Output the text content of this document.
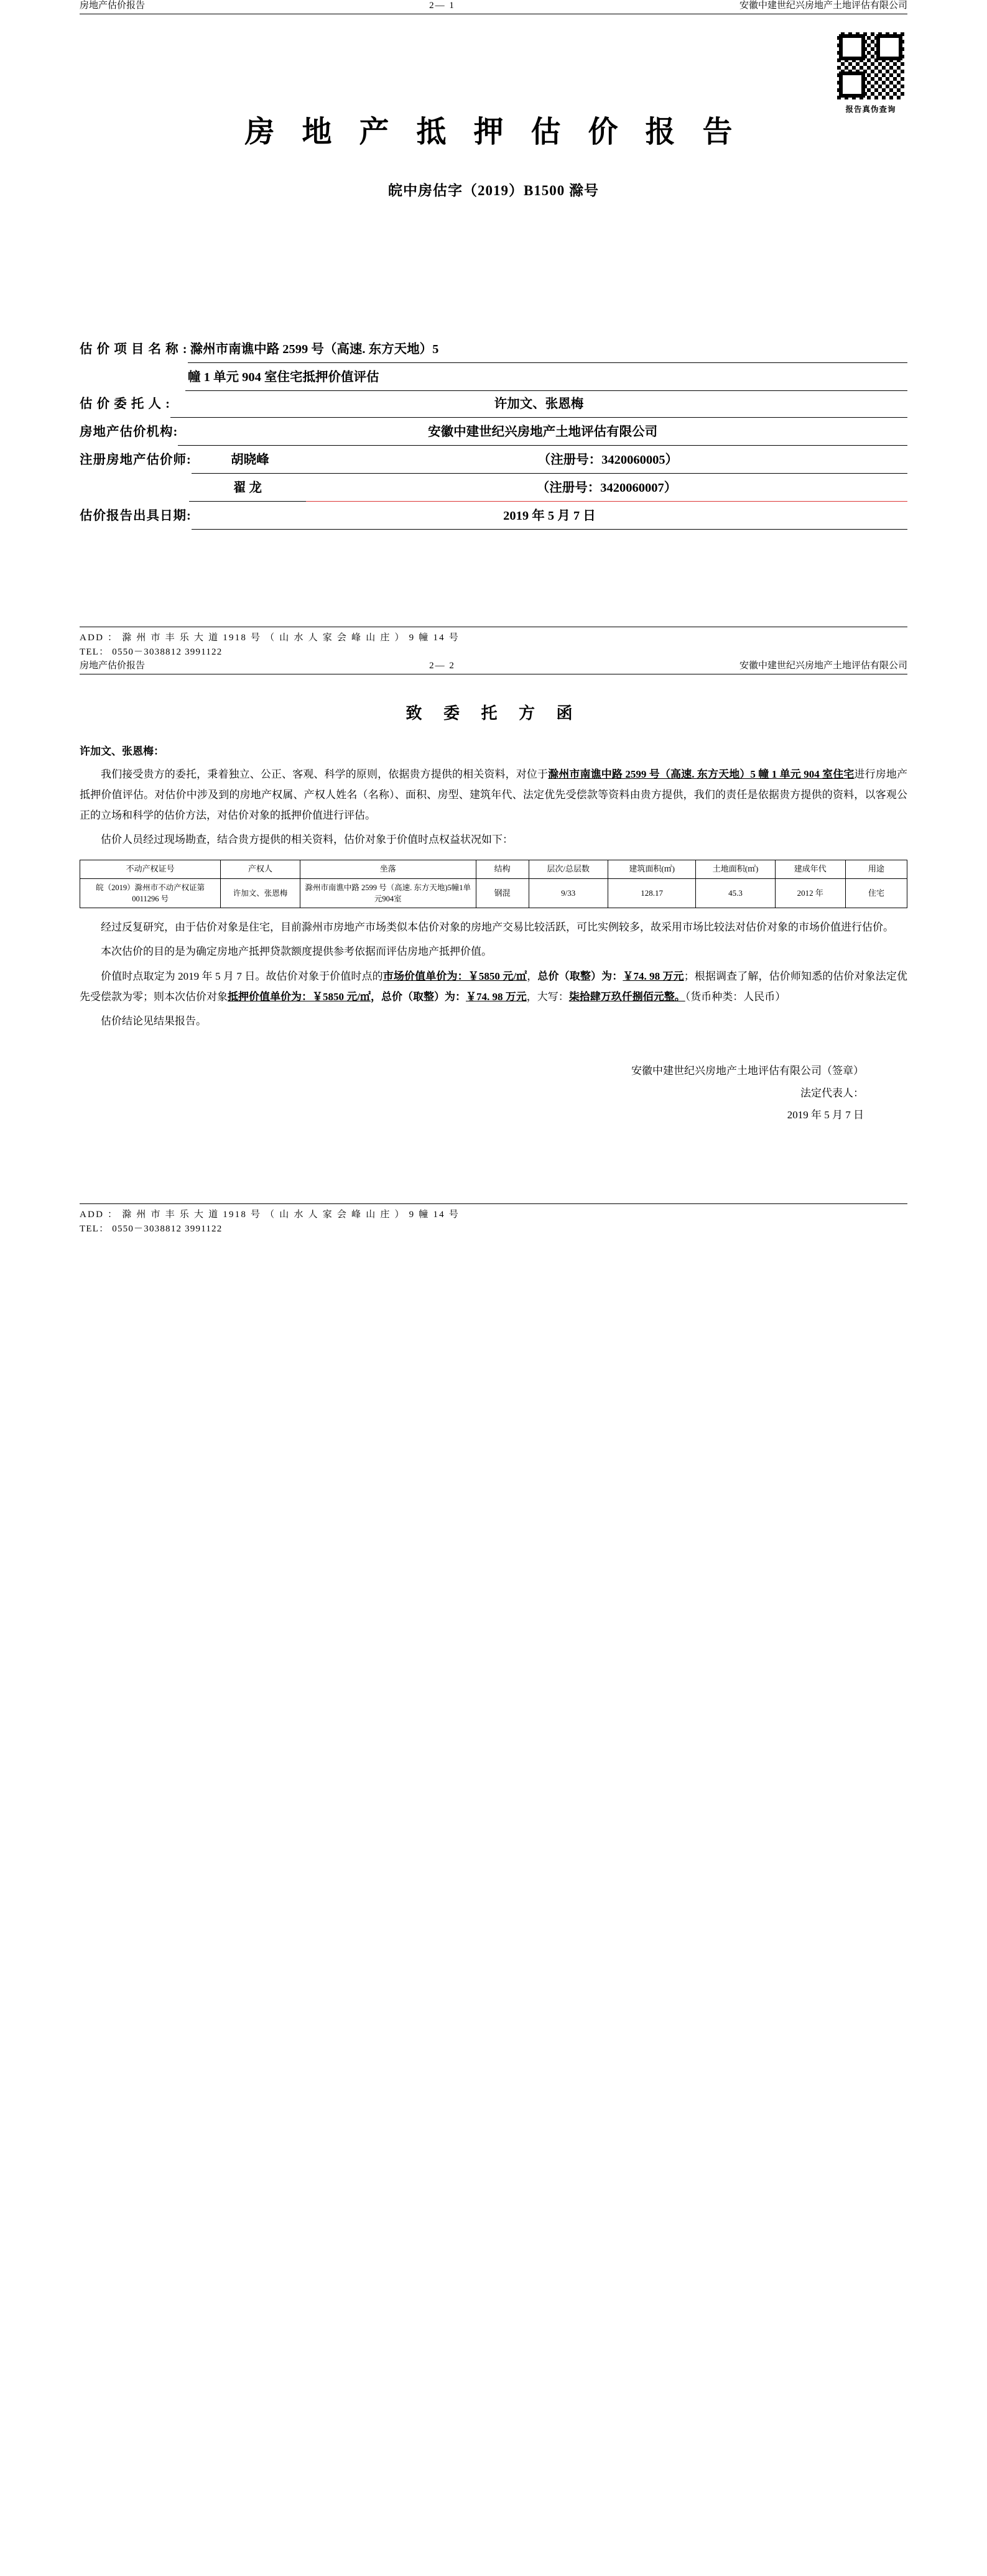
房地产估价报告	2— 1	安徽中建世纪兴房地产土地评估有限公司
报告真伪查询
房 地 产 抵 押 估 价 报 告
皖中房估字（2019）B1500 滁号
估 价 项 目 名 称 : 滁州市南谯中路 2599 号（高速. 东方天地）5
幢 1 单元 904 室住宅抵押价值评估
估 价 委 托 人 :	许加文、张恩梅
房地产估价机构:	安徽中建世纪兴房地产土地评估有限公司
注册房地产估价师:	胡晓峰	（注册号：3420060005）
翟 龙	（注册号：3420060007）
估价报告出具日期:	2019 年 5 月 7 日
ADD ： 滁 州 市 丰 乐 大 道 1918 号 （ 山 水 人 家 会 峰 山 庄 ） 9 幢 14 号
TEL： 0550－3038812 3991122
房地产估价报告	2— 2	安徽中建世纪兴房地产土地评估有限公司
致 委 托 方 函
许加文、张恩梅：

我们接受贵方的委托，秉着独立、公正、客观、科学的原则，依据贵方提供的相关资料，对位于滁州市南谯中路 2599 号（高速. 东方天地）5 幢 1 单元 904 室住宅进行房地产抵押价值评估。对估价中涉及到的房地产权属、产权人姓名（名称）、面积、房型、建筑年代、法定优先受偿款等资料由贵方提供，我们的责任是依据贵方提供的资料，以客观公正的立场和科学的估价方法，对估价对象的抵押价值进行评估。

估价人员经过现场勘查，结合贵方提供的相关资料，估价对象于价值时点权益状况如下：

不动产权证号	产权人	坐落	结构	层次/总层数	建筑面积(㎡)	土地面积(㎡)	建成年代	用途
皖（2019）滁州市不动产权证第 0011296 号	许加文、张恩梅	滁州市南谯中路 2599 号（高速. 东方天地)5幢1单元904室	钢混	9/33	128.17	45.3	2012 年	住宅

经过反复研究，由于估价对象是住宅，目前滁州市房地产市场类似本估价对象的房地产交易比较活跃，可比实例较多，故采用市场比较法对估价对象的市场价值进行估价。

本次估价的目的是为确定房地产抵押贷款额度提供参考依据而评估房地产抵押价值。

价值时点取定为 2019 年 5 月 7 日。故估价对象于价值时点的市场价值单价为：￥5850 元/㎡，总价（取整）为：￥74. 98 万元；根据调查了解，估价师知悉的估价对象法定优先受偿款为零；则本次估价对象抵押价值单价为：￥5850 元/㎡，总价（取整）为：￥74. 98 万元，大写：柒拾肆万玖仟捌佰元整。（货币种类：人民币）

估价结论见结果报告。

安徽中建世纪兴房地产土地评估有限公司（签章）
法定代表人：
2019 年 5 月 7 日
ADD ： 滁 州 市 丰 乐 大 道 1918 号 （ 山 水 人 家 会 峰 山 庄 ） 9 幢 14 号
TEL： 0550－3038812 3991122
